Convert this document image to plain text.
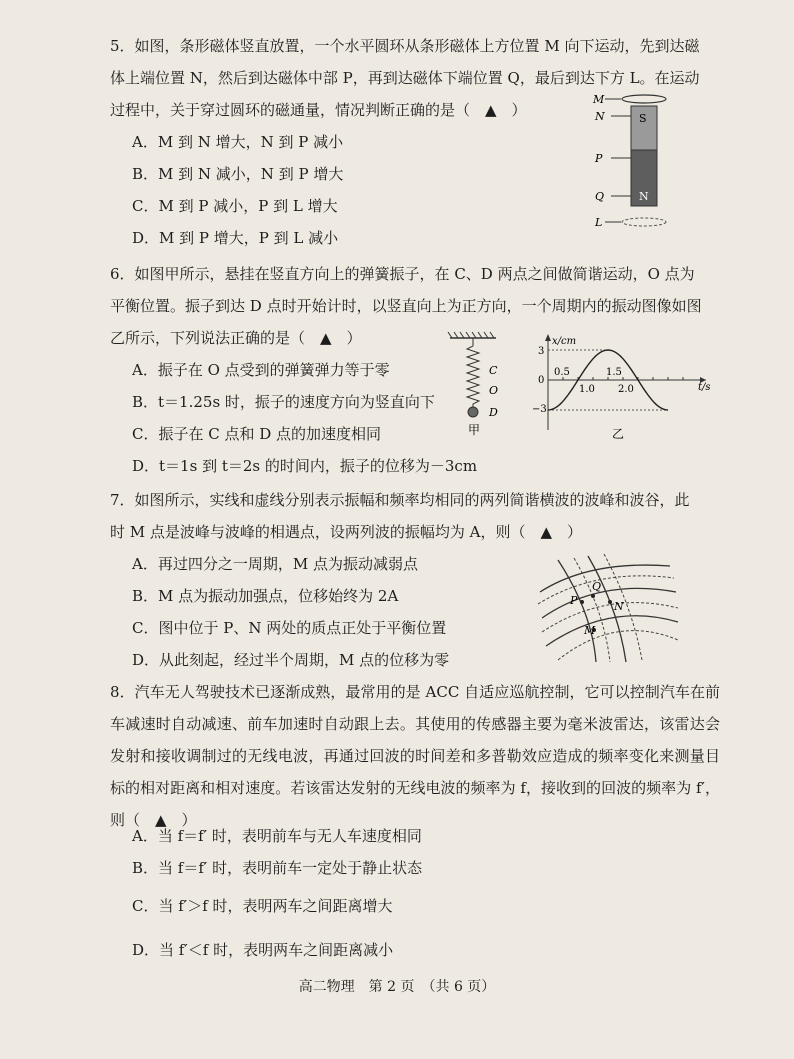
5．如图，条形磁体竖直放置，一个水平圆环从条形磁体上方位置 M 向下运动，先到达磁
体上端位置 N，然后到达磁体中部 P，再到达磁体下端位置 Q，最后到达下方 L。在运动
过程中，关于穿过圆环的磁通量，情况判断正确的是（　▲　）
A．M 到 N 增大，N 到 P 减小
B．M 到 N 减小，N 到 P 增大
C．M 到 P 减小，P 到 L 增大
D．M 到 P 增大，P 到 L 减小
S
N
M
N
P
Q
L
6．如图甲所示，悬挂在竖直方向上的弹簧振子，在 C、D 两点之间做简谐运动，O 点为
平衡位置。振子到达 D 点时开始计时，以竖直向上为正方向，一个周期内的振动图像如图
乙所示，下列说法正确的是（　▲　）
A．振子在 O 点受到的弹簧弹力等于零
B．t＝1.25s 时，振子的速度方向为竖直向下
C．振子在 C 点和 D 点的加速度相同
D．t＝1s 到 t＝2s 的时间内，振子的位移为－3cm
C
O
D
甲
x/cm
t/s
3
0
−3
0.5
1.0
1.5
2.0
乙
7．如图所示，实线和虚线分别表示振幅和频率均相同的两列简谐横波的波峰和波谷，此
时 M 点是波峰与波峰的相遇点，设两列波的振幅均为 A，则（　▲　）
A．再过四分之一周期，M 点为振动减弱点
B．M 点为振动加强点，位移始终为 2A
C．图中位于 P、N 两处的质点正处于平衡位置
D．从此刻起，经过半个周期，M 点的位移为零
Q
P	N
M
8．汽车无人驾驶技术已逐渐成熟，最常用的是 ACC 自适应巡航控制，它可以控制汽车在前车减速时自动减速、前车加速时自动跟上去。其使用的传感器主要为毫米波雷达，该雷达会发射和接收调制过的无线电波，再通过回波的时间差和多普勒效应造成的频率变化来测量目标的相对距离和相对速度。若该雷达发射的无线电波的频率为 f，接收到的回波的频率为 f′，则（　▲　）
A．当 f＝f′ 时，表明前车与无人车速度相同
B．当 f＝f′ 时，表明前车一定处于静止状态
C．当 f′＞f 时，表明两车之间距离增大
D．当 f′＜f 时，表明两车之间距离减小
高二物理　第 2 页　（共 6 页）
